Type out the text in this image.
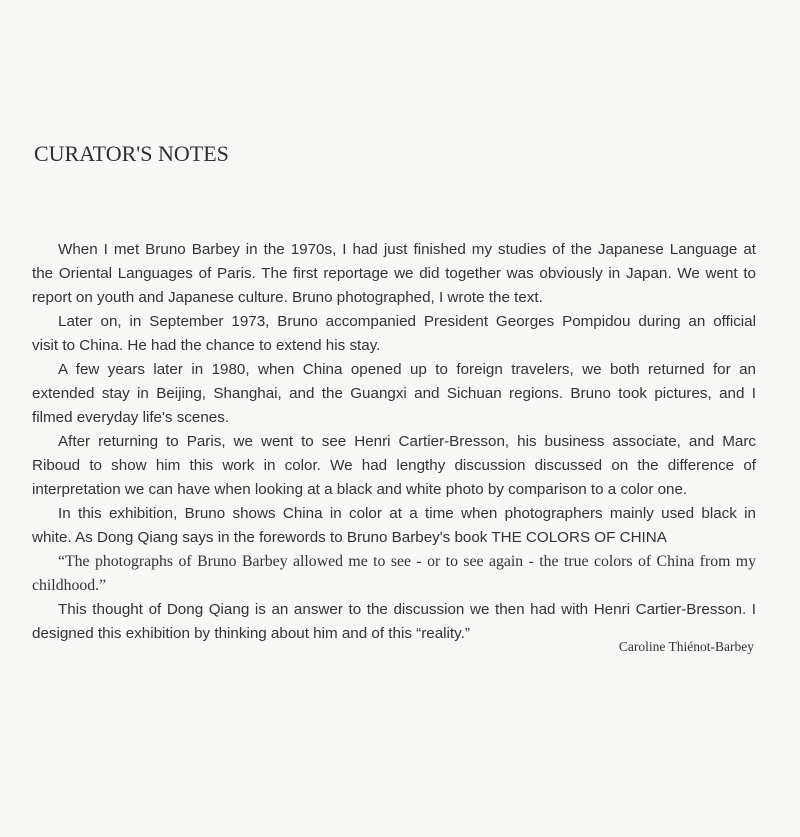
CURATOR'S NOTES
When I met Bruno Barbey in the 1970s, I had just finished my studies of the Japanese Language at
the Oriental Languages of Paris. The first reportage we did together was obviously in Japan. We went to
report on youth and Japanese culture. Bruno photographed, I wrote the text.
Later on, in September 1973, Bruno accompanied President Georges Pompidou during an official
visit to China. He had the chance to extend his stay.
A few years later in 1980, when China opened up to foreign travelers, we both returned for an
extended stay in Beijing, Shanghai, and the Guangxi and Sichuan regions. Bruno took pictures, and I
filmed everyday life's scenes.
After returning to Paris, we went to see Henri Cartier-Bresson, his business associate, and Marc
Riboud to show him this work in color. We had lengthy discussion discussed on the difference of
interpretation we can have when looking at a black and white photo by comparison to a color one.
In this exhibition, Bruno shows China in color at a time when photographers mainly used black in
white. As Dong Qiang says in the forewords to Bruno Barbey's book THE COLORS OF CHINA
“The photographs of Bruno Barbey allowed me to see - or to see again - the true colors of China from my
childhood.”
This thought of Dong Qiang is an answer to the discussion we then had with Henri Cartier-Bresson. I
designed this exhibition by thinking about him and of this “reality.”
Caroline Thiénot-Barbey
